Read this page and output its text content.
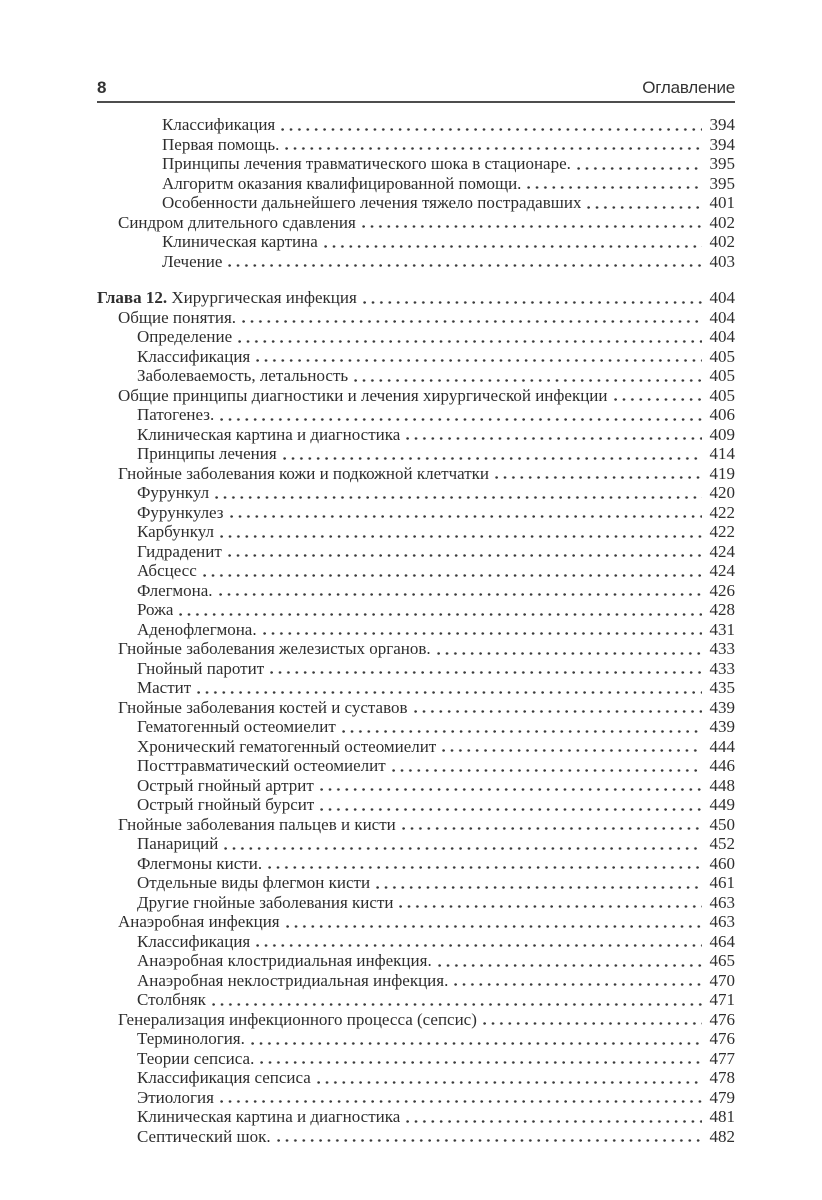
8	Оглавление
Классификация	394
Первая помощь.	394
Принципы лечения травматического шока в стационаре.	395
Алгоритм оказания квалифицированной помощи.	395
Особенности дальнейшего лечения тяжело пострадавших	401
Синдром длительного сдавления	402
Клиническая картина	402
Лечение	403
Глава 12. Хирургическая инфекция	404
Общие понятия.	404
Определение	404
Классификация	405
Заболеваемость, летальность	405
Общие принципы диагностики и лечения хирургической инфекции	405
Патогенез.	406
Клиническая картина и диагностика	409
Принципы лечения	414
Гнойные заболевания кожи и подкожной клетчатки	419
Фурункул	420
Фурункулез	422
Карбункул	422
Гидраденит	424
Абсцесс	424
Флегмона.	426
Рожа	428
Аденофлегмона.	431
Гнойные заболевания железистых органов.	433
Гнойный паротит	433
Мастит	435
Гнойные заболевания костей и суставов	439
Гематогенный остеомиелит	439
Хронический гематогенный остеомиелит	444
Посттравматический остеомиелит	446
Острый гнойный артрит	448
Острый гнойный бурсит	449
Гнойные заболевания пальцев и кисти	450
Панариций	452
Флегмоны кисти.	460
Отдельные виды флегмон кисти	461
Другие гнойные заболевания кисти	463
Анаэробная инфекция	463
Классификация	464
Анаэробная клостридиальная инфекция.	465
Анаэробная неклостридиальная инфекция.	470
Столбняк	471
Генерализация инфекционного процесса (сепсис)	476
Терминология.	476
Теории сепсиса.	477
Классификация сепсиса	478
Этиология	479
Клиническая картина и диагностика	481
Септический шок.	482
